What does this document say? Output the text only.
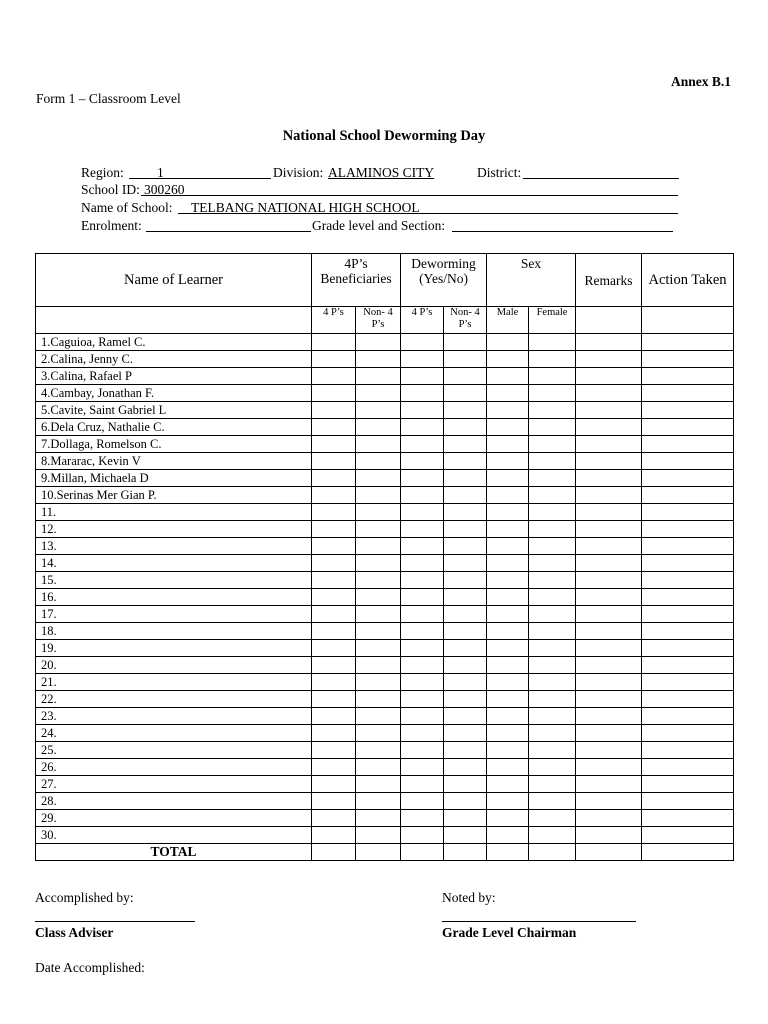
Annex B.1
Form 1 – Classroom Level
National School Deworming Day
Region: 1	Division: ALAMINOS CITY	District:
School ID: 300260
Name of School: TELBANG NATIONAL HIGH SCHOOL
Enrolment:	Grade level and Section:
Name of Learner	4P’s Beneficiaries		Deworming (Yes/No)		Sex		Remarks	Action Taken
	4 P’s	Non- 4 P’s	4 P’s	Non- 4 P’s	Male	Female		
1.Caguioa, Ramel C.								
2.Calina, Jenny C.								
3.Calina, Rafael P								
4.Cambay, Jonathan F.								
5.Cavite, Saint Gabriel L								
6.Dela Cruz, Nathalie C.								
7.Dollaga, Romelson C.								
8.Mararac, Kevin V								
9.Millan, Michaela D								
10.Serinas Mer Gian P.								
11.								
12.								
13.								
14.								
15.								
16.								
17.								
18.								
19.								
20.								
21.								
22.								
23.								
24.								
25.								
26.								
27.								
28.								
29.								
30.								
TOTAL								
Accomplished by:
Class Adviser
Noted by:
Grade Level Chairman
Date Accomplished:
